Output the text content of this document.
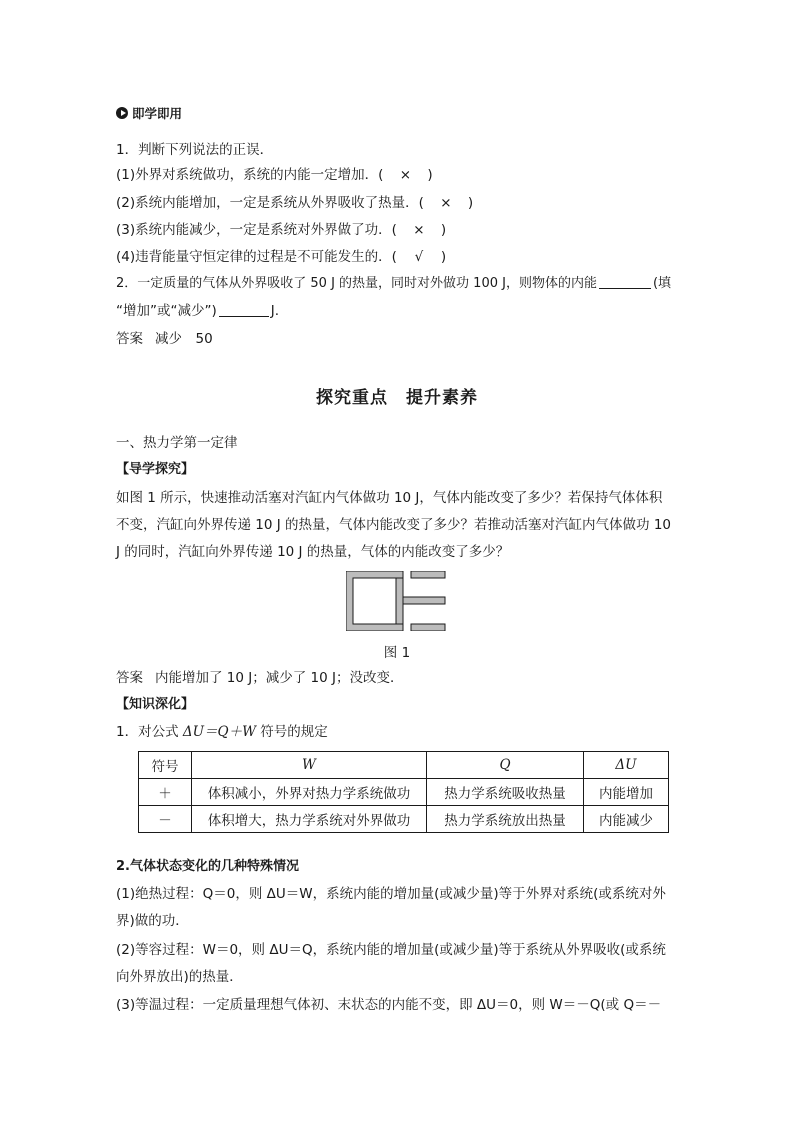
即学即用
1．判断下列说法的正误．
(1)外界对系统做功，系统的内能一定增加．( × )
(2)系统内能增加，一定是系统从外界吸收了热量．( × )
(3)系统内能减少，一定是系统对外界做了功．( × )
(4)违背能量守恒定律的过程是不可能发生的．( √ )
2．一定质量的气体从外界吸收了 50 J 的热量，同时对外做功 100 J，则物体的内能	(填
“增加”或“减少”)	J.
答案 减少　50
探究重点　提升素养
一、热力学第一定律
【导学探究】
如图 1 所示，快速推动活塞对汽缸内气体做功 10 J，气体内能改变了多少？若保持气体体积
不变，汽缸向外界传递 10 J 的热量，气体内能改变了多少？若推动活塞对汽缸内气体做功 10
J 的同时，汽缸向外界传递 10 J 的热量，气体的内能改变了多少？
图 1
答案 内能增加了 10 J；减少了 10 J；没改变．
【知识深化】
1．对公式 ΔU＝Q＋W 符号的规定
符号	W	Q	ΔU
＋	体积减小，外界对热力学系统做功	热力学系统吸收热量	内能增加
－	体积增大，热力学系统对外界做功	热力学系统放出热量	内能减少
2.气体状态变化的几种特殊情况
(1)绝热过程：Q＝0，则 ΔU＝W，系统内能的增加量(或减少量)等于外界对系统(或系统对外
界)做的功．
(2)等容过程：W＝0，则 ΔU＝Q，系统内能的增加量(或减少量)等于系统从外界吸收(或系统
向外界放出)的热量．
(3)等温过程：一定质量理想气体初、末状态的内能不变，即 ΔU＝0，则 W＝－Q(或 Q＝－
